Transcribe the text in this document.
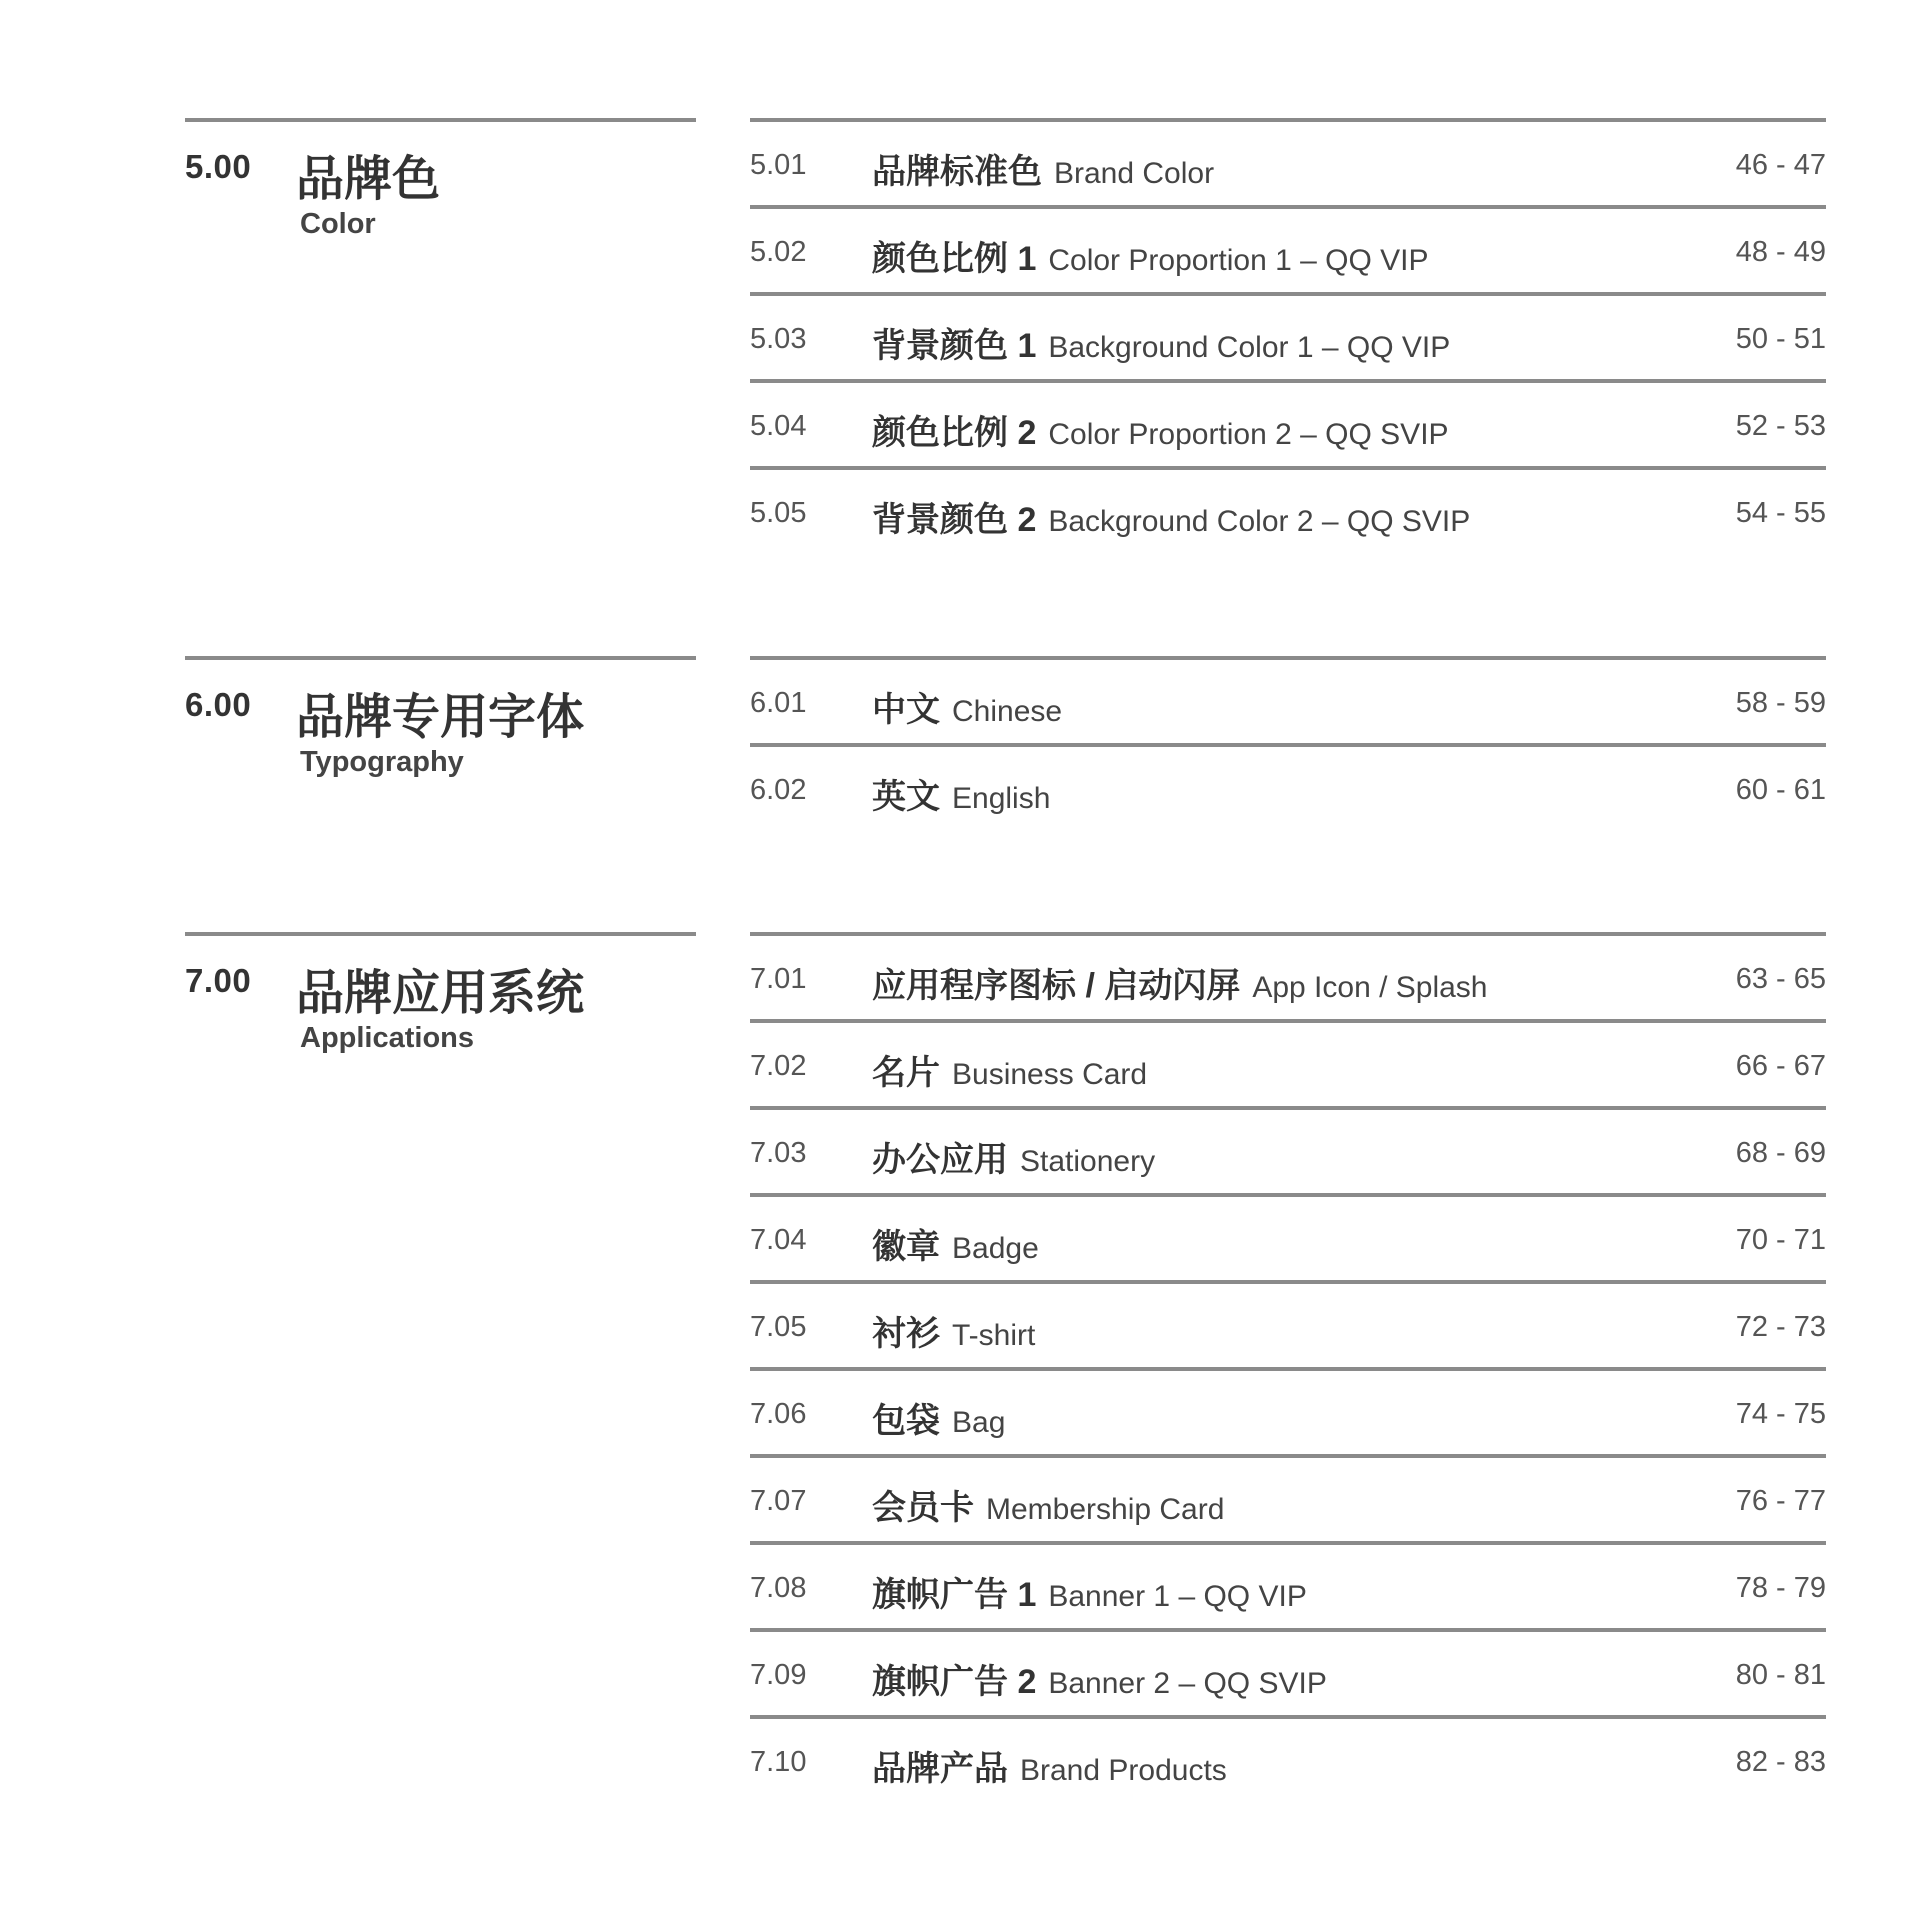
5.00 品牌色
Color
5.01 品牌标准色 Brand Color	46 - 47
5.02 颜色比例 1 Color Proportion 1 – QQ VIP	48 - 49
5.03 背景颜色 1 Background Color 1 – QQ VIP	50 - 51
5.04 颜色比例 2 Color Proportion 2 – QQ SVIP	52 - 53
5.05 背景颜色 2 Background Color 2 – QQ SVIP	54 - 55
6.00 品牌专用字体
Typography
6.01 中文 Chinese	58 - 59
6.02 英文 English	60 - 61
7.00 品牌应用系统
Applications
7.01 应用程序图标 / 启动闪屏 App Icon / Splash	63 - 65
7.02 名片 Business Card	66 - 67
7.03 办公应用 Stationery	68 - 69
7.04 徽章 Badge	70 - 71
7.05 衬衫 T-shirt	72 - 73
7.06 包袋 Bag	74 - 75
7.07 会员卡 Membership Card	76 - 77
7.08 旗帜广告 1 Banner 1 – QQ VIP	78 - 79
7.09 旗帜广告 2 Banner 2 – QQ SVIP	80 - 81
7.10 品牌产品 Brand Products	82 - 83
